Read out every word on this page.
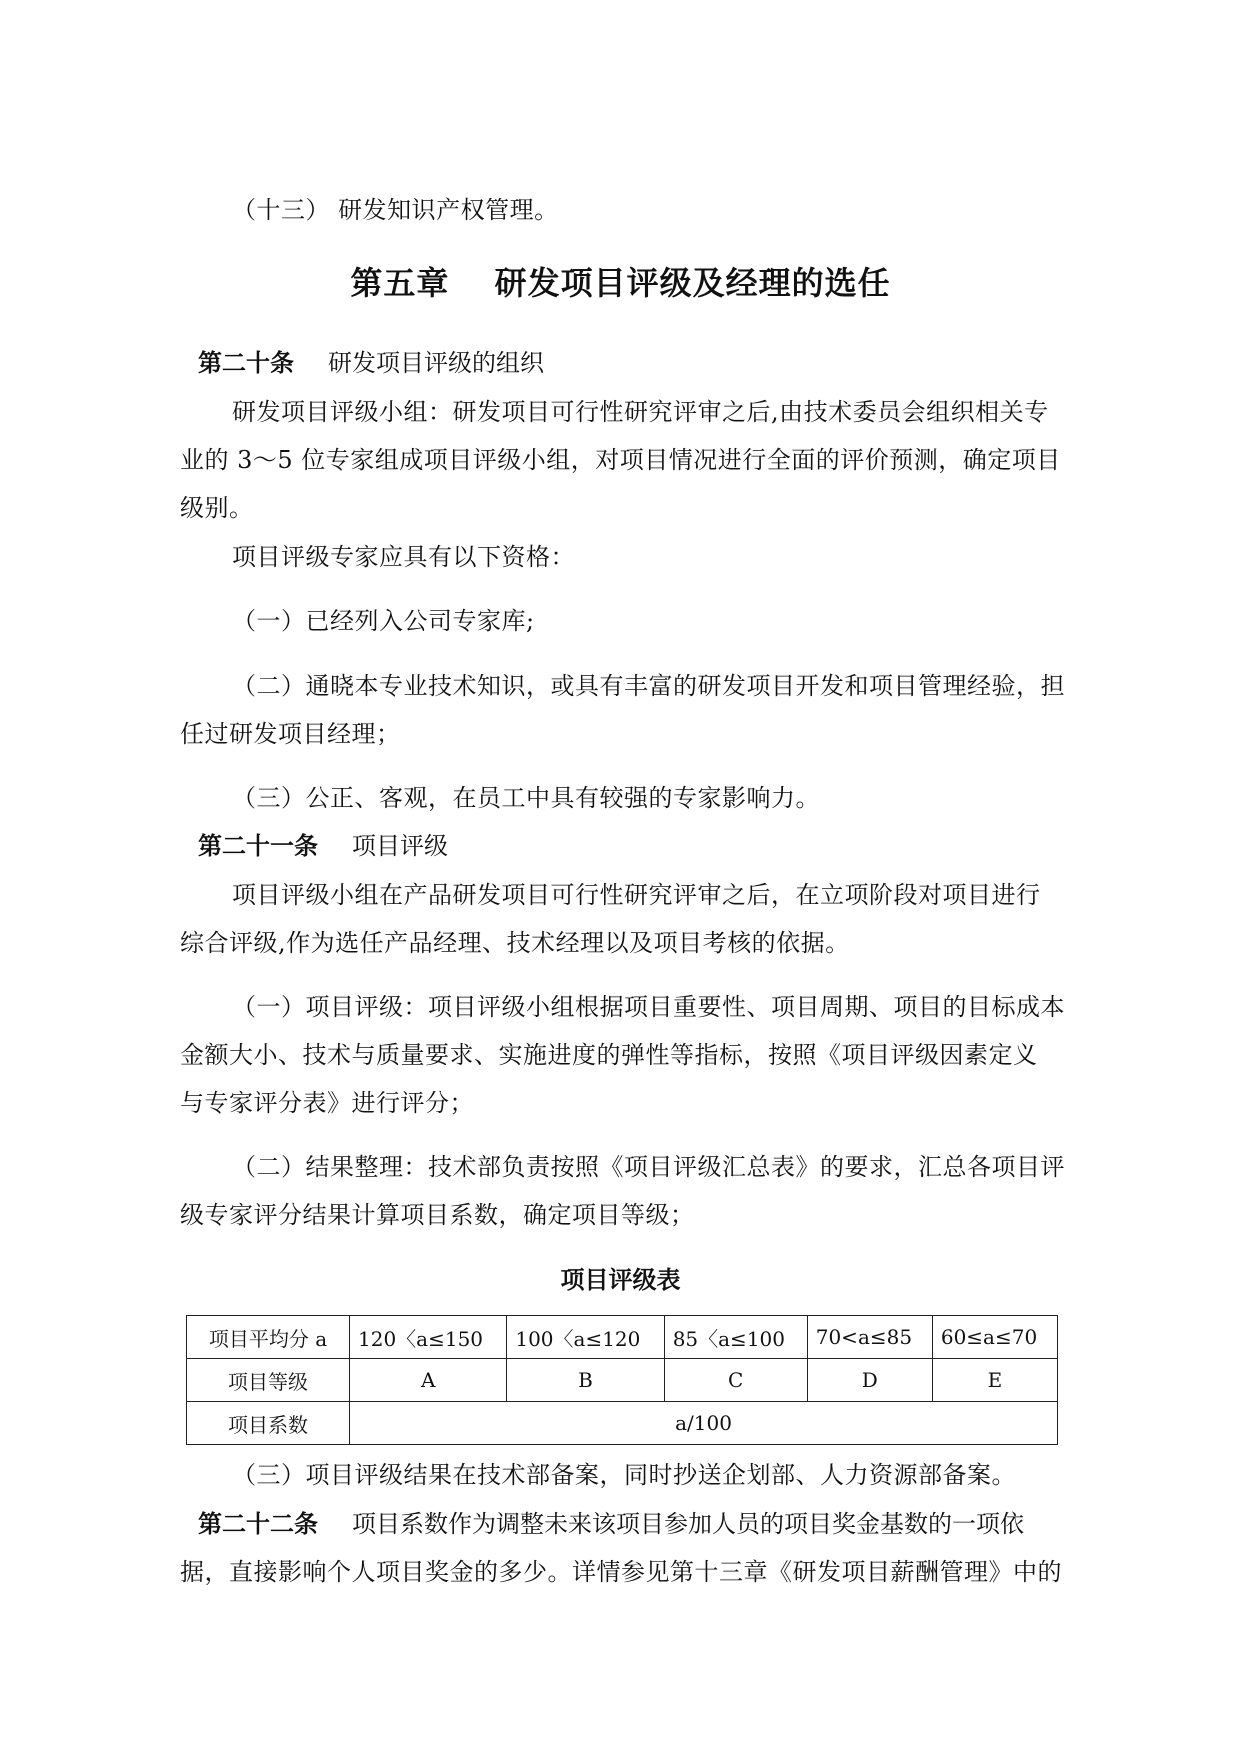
（十三） 研发知识产权管理。
第五章　 研发项目评级及经理的选任
第二十条 研发项目评级的组织
研发项目评级小组：研发项目可行性研究评审之后,由技术委员会组织相关专
业的 3～5 位专家组成项目评级小组，对项目情况进行全面的评价预测，确定项目
级别。
项目评级专家应具有以下资格：
（一）已经列入公司专家库;
（二）通晓本专业技术知识，或具有丰富的研发项目开发和项目管理经验，担
任过研发项目经理；
（三）公正、客观，在员工中具有较强的专家影响力。
第二十一条 项目评级
项目评级小组在产品研发项目可行性研究评审之后，在立项阶段对项目进行
综合评级,作为选任产品经理、技术经理以及项目考核的依据。
（一）项目评级：项目评级小组根据项目重要性、项目周期、项目的目标成本
金额大小、技术与质量要求、实施进度的弹性等指标，按照《项目评级因素定义
与专家评分表》进行评分；
（二）结果整理：技术部负责按照《项目评级汇总表》的要求，汇总各项目评
级专家评分结果计算项目系数，确定项目等级；
项目评级表
项目平均分 a	120〈a≤150	100〈a≤120	85〈a≤100	70<a≤85	60≤a≤70
项目等级	A	B	C	D	E
项目系数	a/100				
（三）项目评级结果在技术部备案，同时抄送企划部、人力资源部备案。
第二十二条 项目系数作为调整未来该项目参加人员的项目奖金基数的一项依
据，直接影响个人项目奖金的多少。详情参见第十三章《研发项目薪酬管理》中的
